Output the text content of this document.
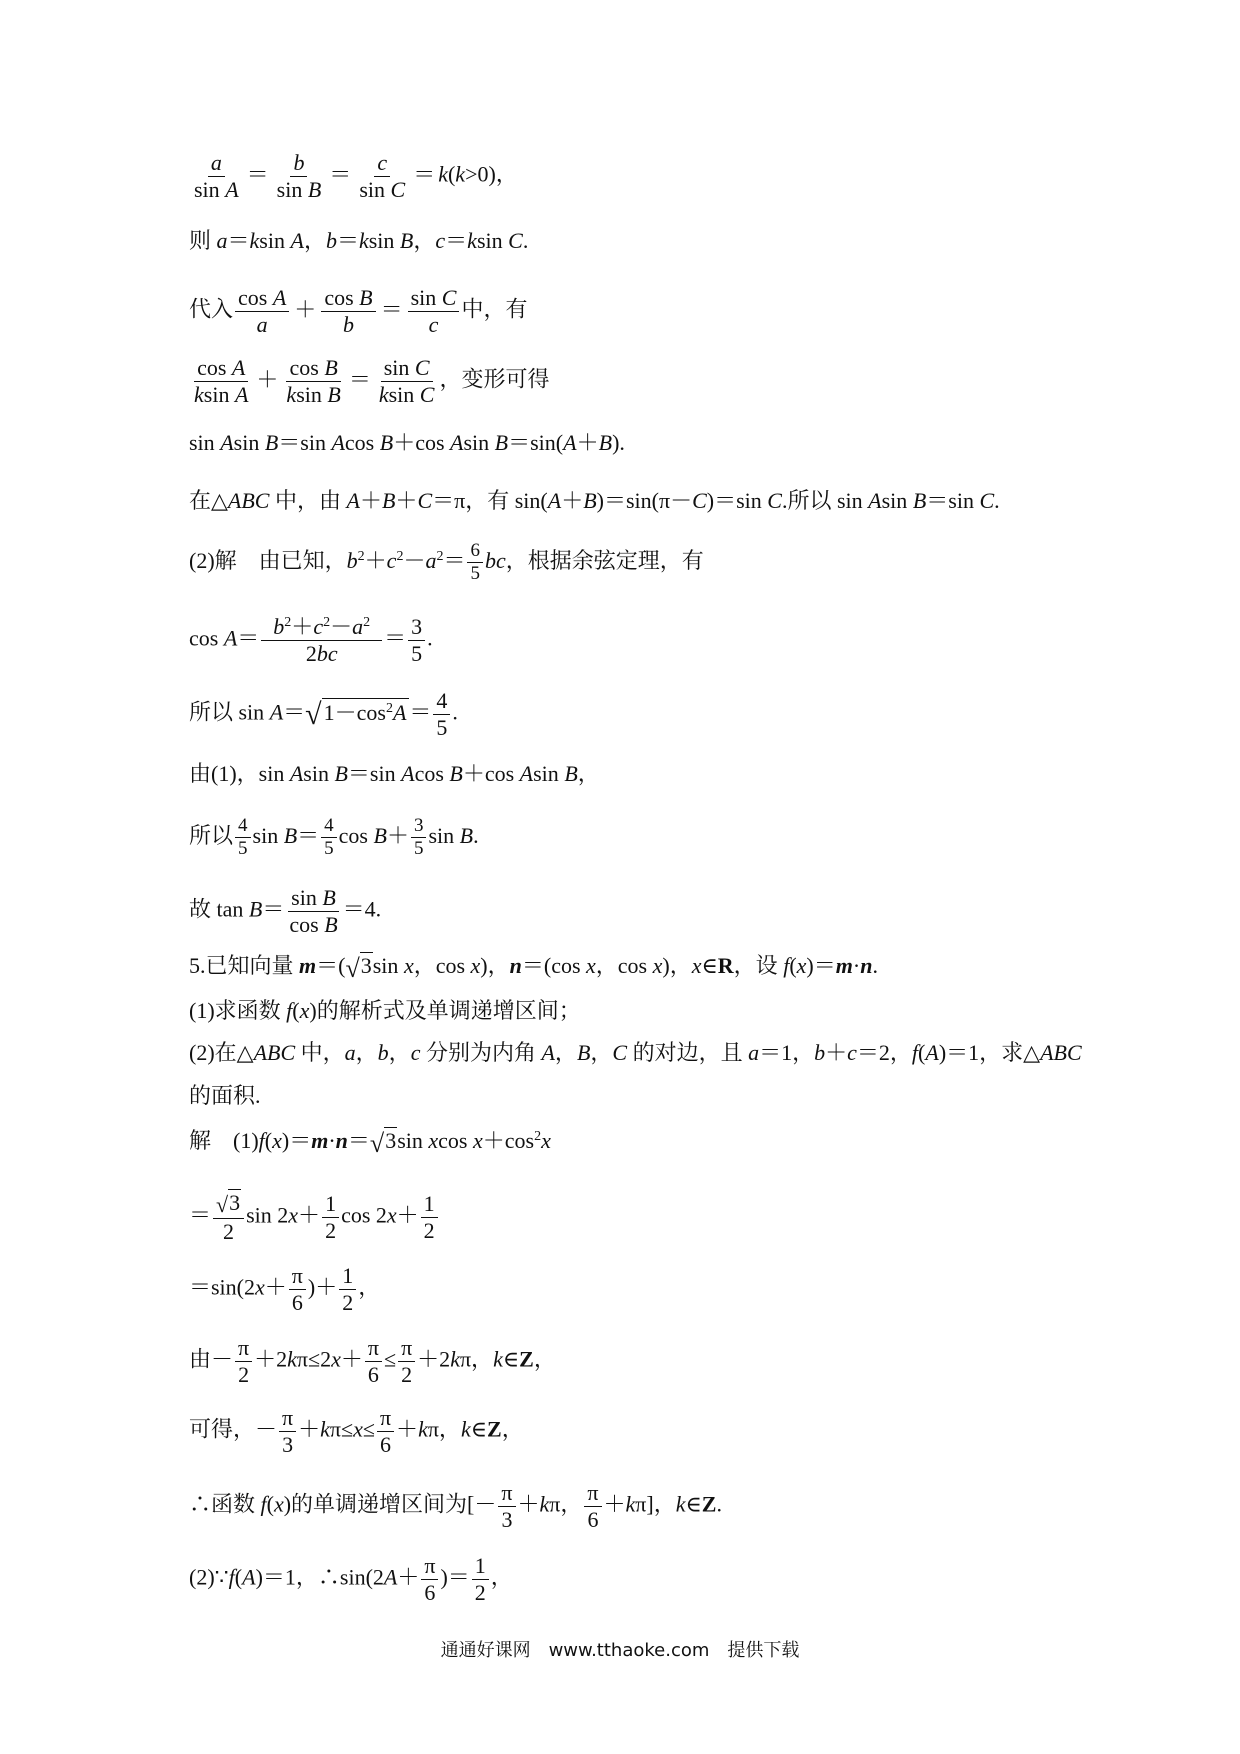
$\frac{a}{\text{sin A}} = \frac{b}{\text{sin B}} = \frac{c}{\text{sin C}} = k(k>0)$，
则 a＝ksin A，b＝ksin B，c＝ksin C.
代入 $\frac{\text{cos A}}{a} + \frac{\text{cos B}}{b} = \frac{\text{sin C}}{c}$ 中，有
$\frac{\text{cos A}}{\text{ksin A}} + \frac{\text{cos B}}{\text{ksin B}} = \frac{\text{sin C}}{\text{ksin C}}$ ，变形可得
sin Asin B＝sin Acos B＋cos Asin B＝sin(A＋B).
在△ABC 中，由 A＋B＋C＝π，有 sin(A＋B)＝sin(π－C)＝sin C.所以 sin Asin B＝sin C.
(2)解　由已知，$b^2+c^2-a^2= \frac{6}{5}$ bc，根据余弦定理，有
$\cos A= \frac{b^2+c^2-a^2}{2bc} = \frac{3}{5}$ .
所以 $\sin A=√1-\cos^2A = \frac{4}{5}$ .
由(1)，sin Asin B＝sin Acos B＋cos Asin B，
所以 $\frac{4}{5}$ $\sin B= \frac{4}{5}$ $\cos B+ \frac{3}{5}$ sin B.
故 $\tan B= \frac{\text{sin B}}{\text{cos B}} =4$.
5.已知向量 m＝(√3sin x，cos x)，n＝(cos x，cos x)，x∈R，设 f(x)＝m·n.
(1)求函数 f(x)的解析式及单调递增区间；
(2)在△ABC 中，a，b，c 分别为内角 A，B，C 的对边，且 a＝1，b＋c＝2，f(A)＝1，求△ABC
的面积.
解　(1)f(x)＝m·n＝√3sin xcos $x+\cos^2x$
＝ $\frac{√3}{2}$ $\sin 2x+ \frac{1}{2}$ $\cos 2x+ \frac{1}{2}$
$=\sin(2x+ \frac{\pi}{6}$ )＋ $\frac{1}{2}$ ，
由－ $\frac{\pi}{2} +2k\pi\le 2x+ \frac{\pi}{6} \le \frac{\pi}{2} +2k\pi$，k∈Z，
可得，－ $\frac{\pi}{3} +k\pi\le x\le \frac{\pi}{6} +k\pi$，k∈Z，
∴函数 f(x)的单调递增区间为[－ $\frac{\pi}{3} +k\pi$， $\frac{\pi}{6} +k\pi$]，k∈Z.
(2)∵f(A)＝1，∴sin(2A＋ $\frac{\pi}{6}$ )＝ $\frac{1}{2}$ ，
通通好课网　www.tthaoke.com　提供下载
